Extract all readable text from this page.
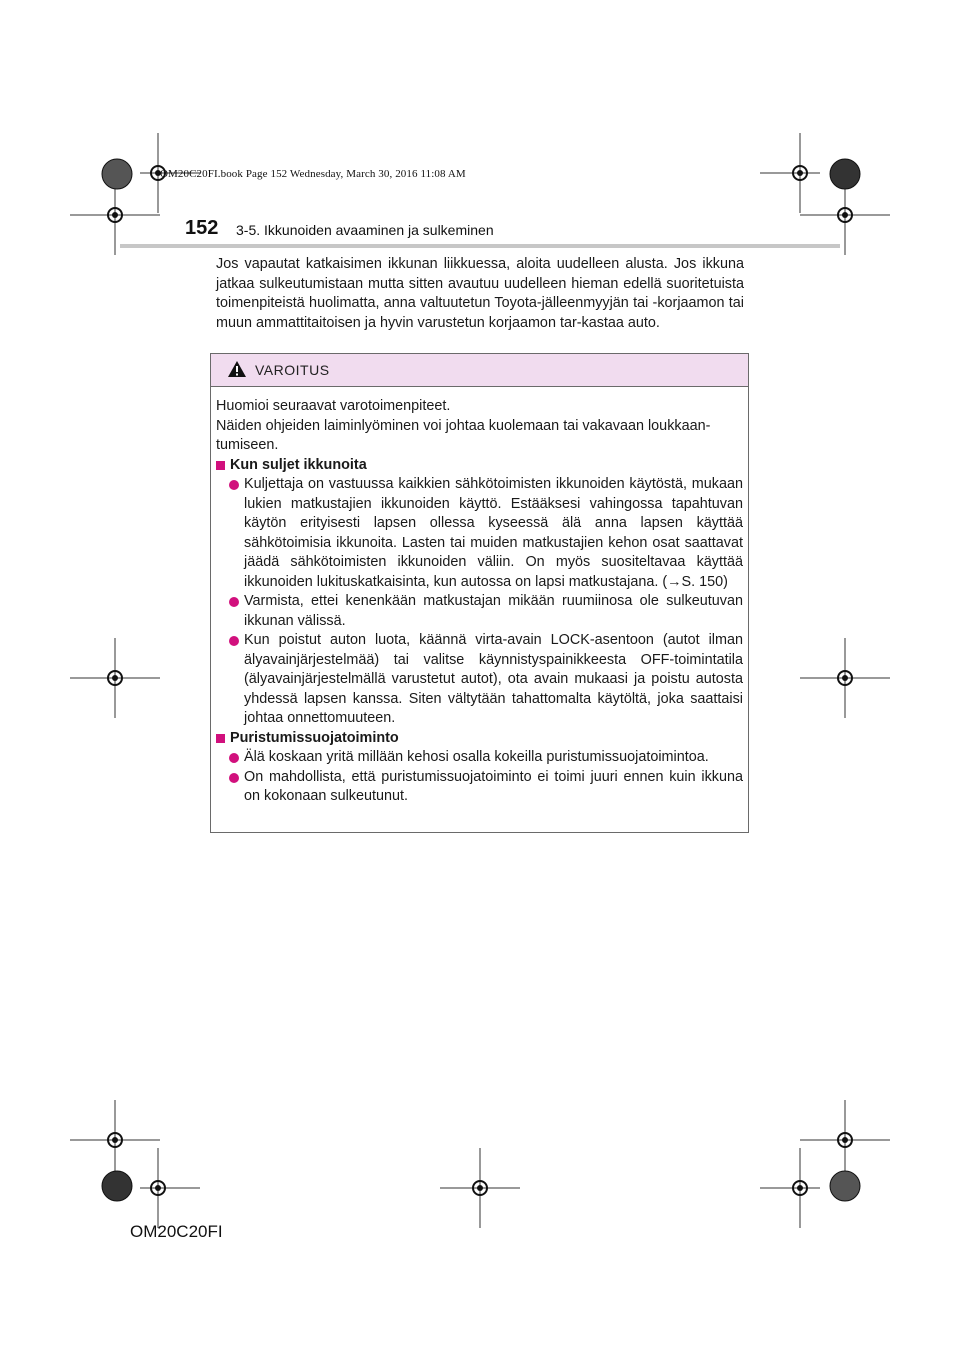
OM20C20FI.book Page 152 Wednesday, March 30, 2016 11:08 AM
152 3-5. Ikkunoiden avaaminen ja sulkeminen

Jos vapautat katkaisimen ikkunan liikkuessa, aloita uudelleen alusta. Jos ikkuna jatkaa sulkeutumistaan mutta sitten avautuu uudelleen hieman edellä suoritetuista toimenpiteistä huolimatta, anna valtuutetun Toyota-jälleenmyyjän tai -korjaamon tai muun ammattitaitoisen ja hyvin varustetun korjaamon tar-kastaa auto.

VAROITUS

Huomioi seuraavat varotoimenpiteet.

Näiden ohjeiden laiminlyöminen voi johtaa kuolemaan tai vakavaan loukkaan-tumiseen.

Kun suljet ikkunoita

Kuljettaja on vastuussa kaikkien sähkötoimisten ikkunoiden käytöstä, mukaan lukien matkustajien ikkunoiden käyttö. Estääksesi vahingossa tapahtuvan käytön erityisesti lapsen ollessa kyseessä älä anna lapsen käyttää sähkötoimisia ikkunoita. Lasten tai muiden matkustajien kehon osat saattavat jäädä sähkötoimisten ikkunoiden väliin. On myös suositeltavaa käyttää ikkunoiden lukituskatkaisinta, kun autossa on lapsi matkustajana. (→S. 150)

Varmista, ettei kenenkään matkustajan mikään ruumiinosa ole sulkeutuvan ikkunan välissä.

Kun poistut auton luota, käännä virta-avain LOCK-asentoon (autot ilman älyavainjärjestelmää) tai valitse käynnistyspainikkeesta OFF-toimintatila (älyavainjärjestelmällä varustetut autot), ota avain mukaasi ja poistu autosta yhdessä lapsen kanssa. Siten vältytään tahattomalta käytöltä, joka saattaisi johtaa onnettomuuteen.

Puristumissuojatoiminto

Älä koskaan yritä millään kehosi osalla kokeilla puristumissuojatoimintoa.

On mahdollista, että puristumissuojatoiminto ei toimi juuri ennen kuin ikkuna on kokonaan sulkeutunut.

OM20C20FI
